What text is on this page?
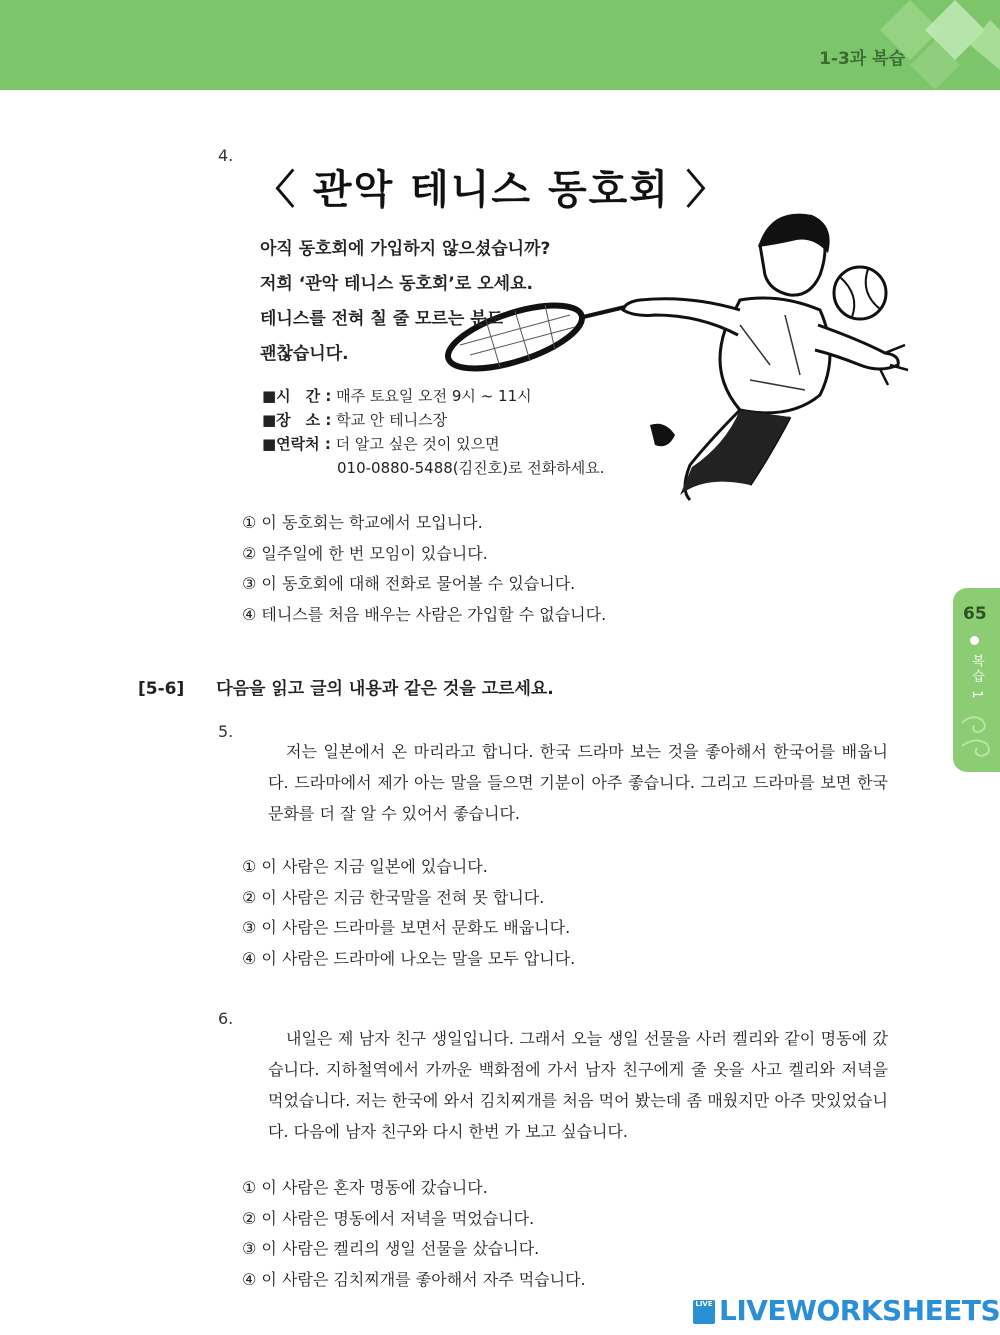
1-3과 복습
4.
〈 관악 테니스 동호회 〉
아직 동호회에 가입하지 않으셨습니까?
저희 ‘관악 테니스 동호회’로 오세요.
테니스를 전혀 칠 줄 모르는 분도
괜찮습니다.
■시　간 : 매주 토요일 오전 9시 ~ 11시
■장　소 : 학교 안 테니스장
■연락처 : 더 알고 싶은 것이 있으면
010-0880-5488(김진호)로 전화하세요.
① 이 동호회는 학교에서 모입니다.
② 일주일에 한 번 모임이 있습니다.
③ 이 동호회에 대해 전화로 물어볼 수 있습니다.
④ 테니스를 처음 배우는 사람은 가입할 수 없습니다.
[5-6] 다음을 읽고 글의 내용과 같은 것을 고르세요.
5.
저는 일본에서 온 마리라고 합니다. 한국 드라마 보는 것을 좋아해서 한국어를 배웁니다. 드라마에서 제가 아는 말을 들으면 기분이 아주 좋습니다. 그리고 드라마를 보면 한국 문화를 더 잘 알 수 있어서 좋습니다.
① 이 사람은 지금 일본에 있습니다.
② 이 사람은 지금 한국말을 전혀 못 합니다.
③ 이 사람은 드라마를 보면서 문화도 배웁니다.
④ 이 사람은 드라마에 나오는 말을 모두 압니다.
6.
내일은 제 남자 친구 생일입니다. 그래서 오늘 생일 선물을 사러 켈리와 같이 명동에 갔습니다. 지하철역에서 가까운 백화점에 가서 남자 친구에게 줄 옷을 사고 켈리와 저녁을 먹었습니다. 저는 한국에 와서 김치찌개를 처음 먹어 봤는데 좀 매웠지만 아주 맛있었습니다. 다음에 남자 친구와 다시 한번 가 보고 싶습니다.
① 이 사람은 혼자 명동에 갔습니다.
② 이 사람은 명동에서 저녁을 먹었습니다.
③ 이 사람은 켈리의 생일 선물을 샀습니다.
④ 이 사람은 김치찌개를 좋아해서 자주 먹습니다.
65
복습 1
LIVE LIVEWORKSHEETS
